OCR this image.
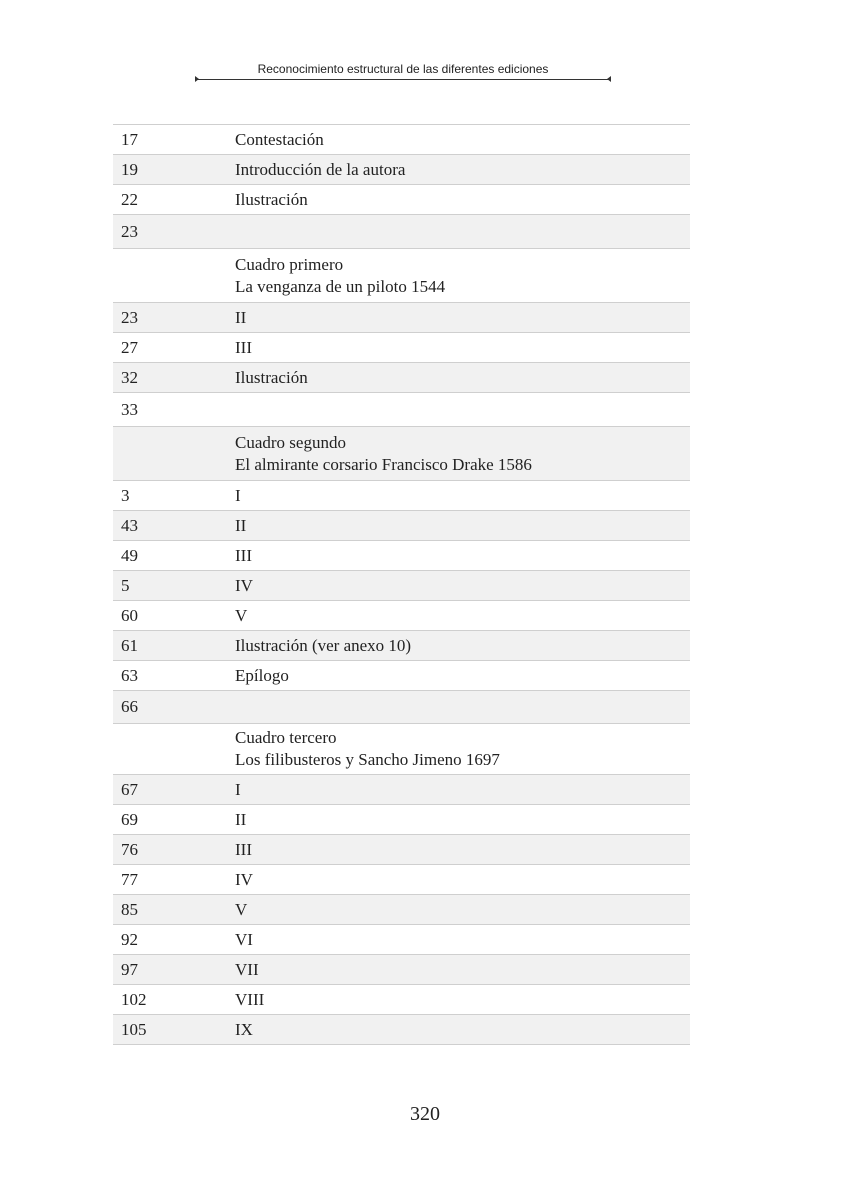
Reconocimiento estructural de las diferentes ediciones
17	Contestación
19	Introducción de la autora
22	Ilustración
23
Cuadro primero
La venganza de un piloto 1544
23	II
27	III
32	Ilustración
33
Cuadro segundo
El almirante corsario Francisco Drake 1586
3	I
43	II
49	III
5	IV
60	V
61	Ilustración (ver anexo 10)
63	Epílogo
66
Cuadro tercero
Los filibusteros y Sancho Jimeno 1697
67	I
69	II
76	III
77	IV
85	V
92	VI
97	VII
102	VIII
105	IX
320
